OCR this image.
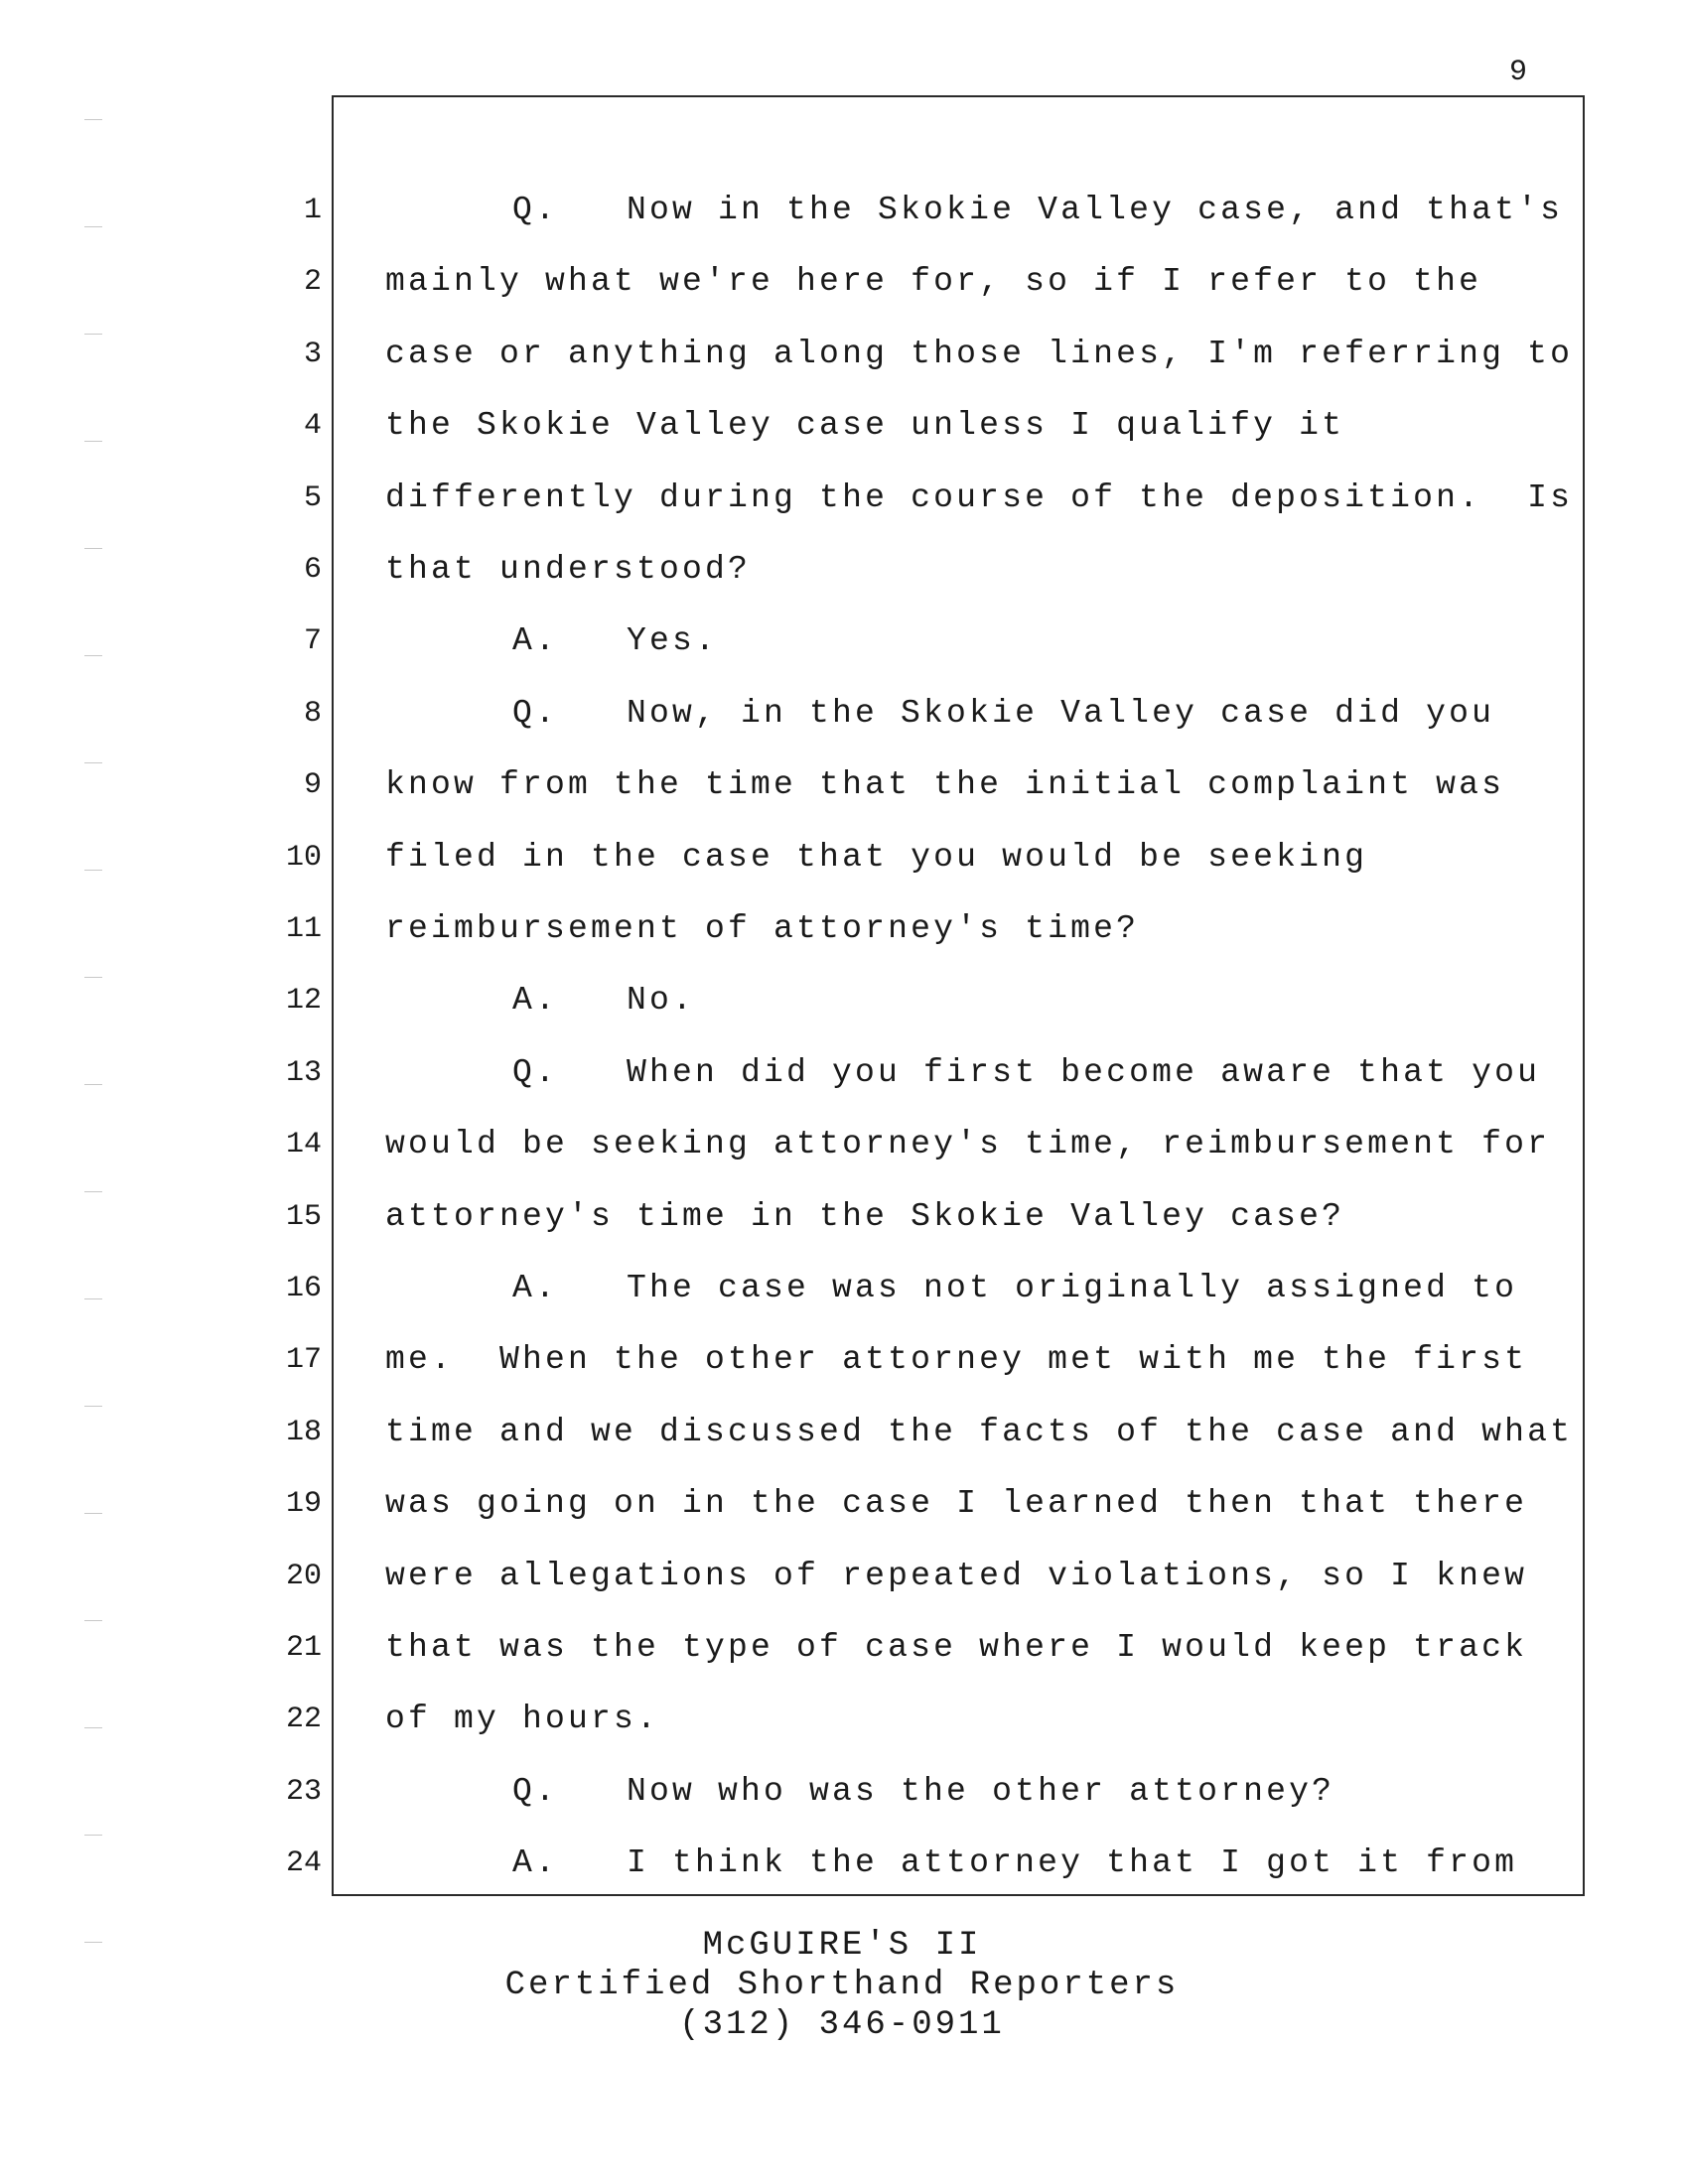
9
1
2
3
4
5
6
7
8
9
10
11
12
13
14
15
16
17
18
19
20
21
22
23
24
Q.   Now in the Skokie Valley case, and that's
mainly what we're here for, so if I refer to the
case or anything along those lines, I'm referring to
the Skokie Valley case unless I qualify it
differently during the course of the deposition.  Is
that understood?
A.   Yes.
Q.   Now, in the Skokie Valley case did you
know from the time that the initial complaint was
filed in the case that you would be seeking
reimbursement of attorney's time?
A.   No.
Q.   When did you first become aware that you
would be seeking attorney's time, reimbursement for
attorney's time in the Skokie Valley case?
A.   The case was not originally assigned to
me.  When the other attorney met with me the first
time and we discussed the facts of the case and what
was going on in the case I learned then that there
were allegations of repeated violations, so I knew
that was the type of case where I would keep track
of my hours.
Q.   Now who was the other attorney?
A.   I think the attorney that I got it from
McGUIRE'S II
Certified Shorthand Reporters
(312) 346-0911
